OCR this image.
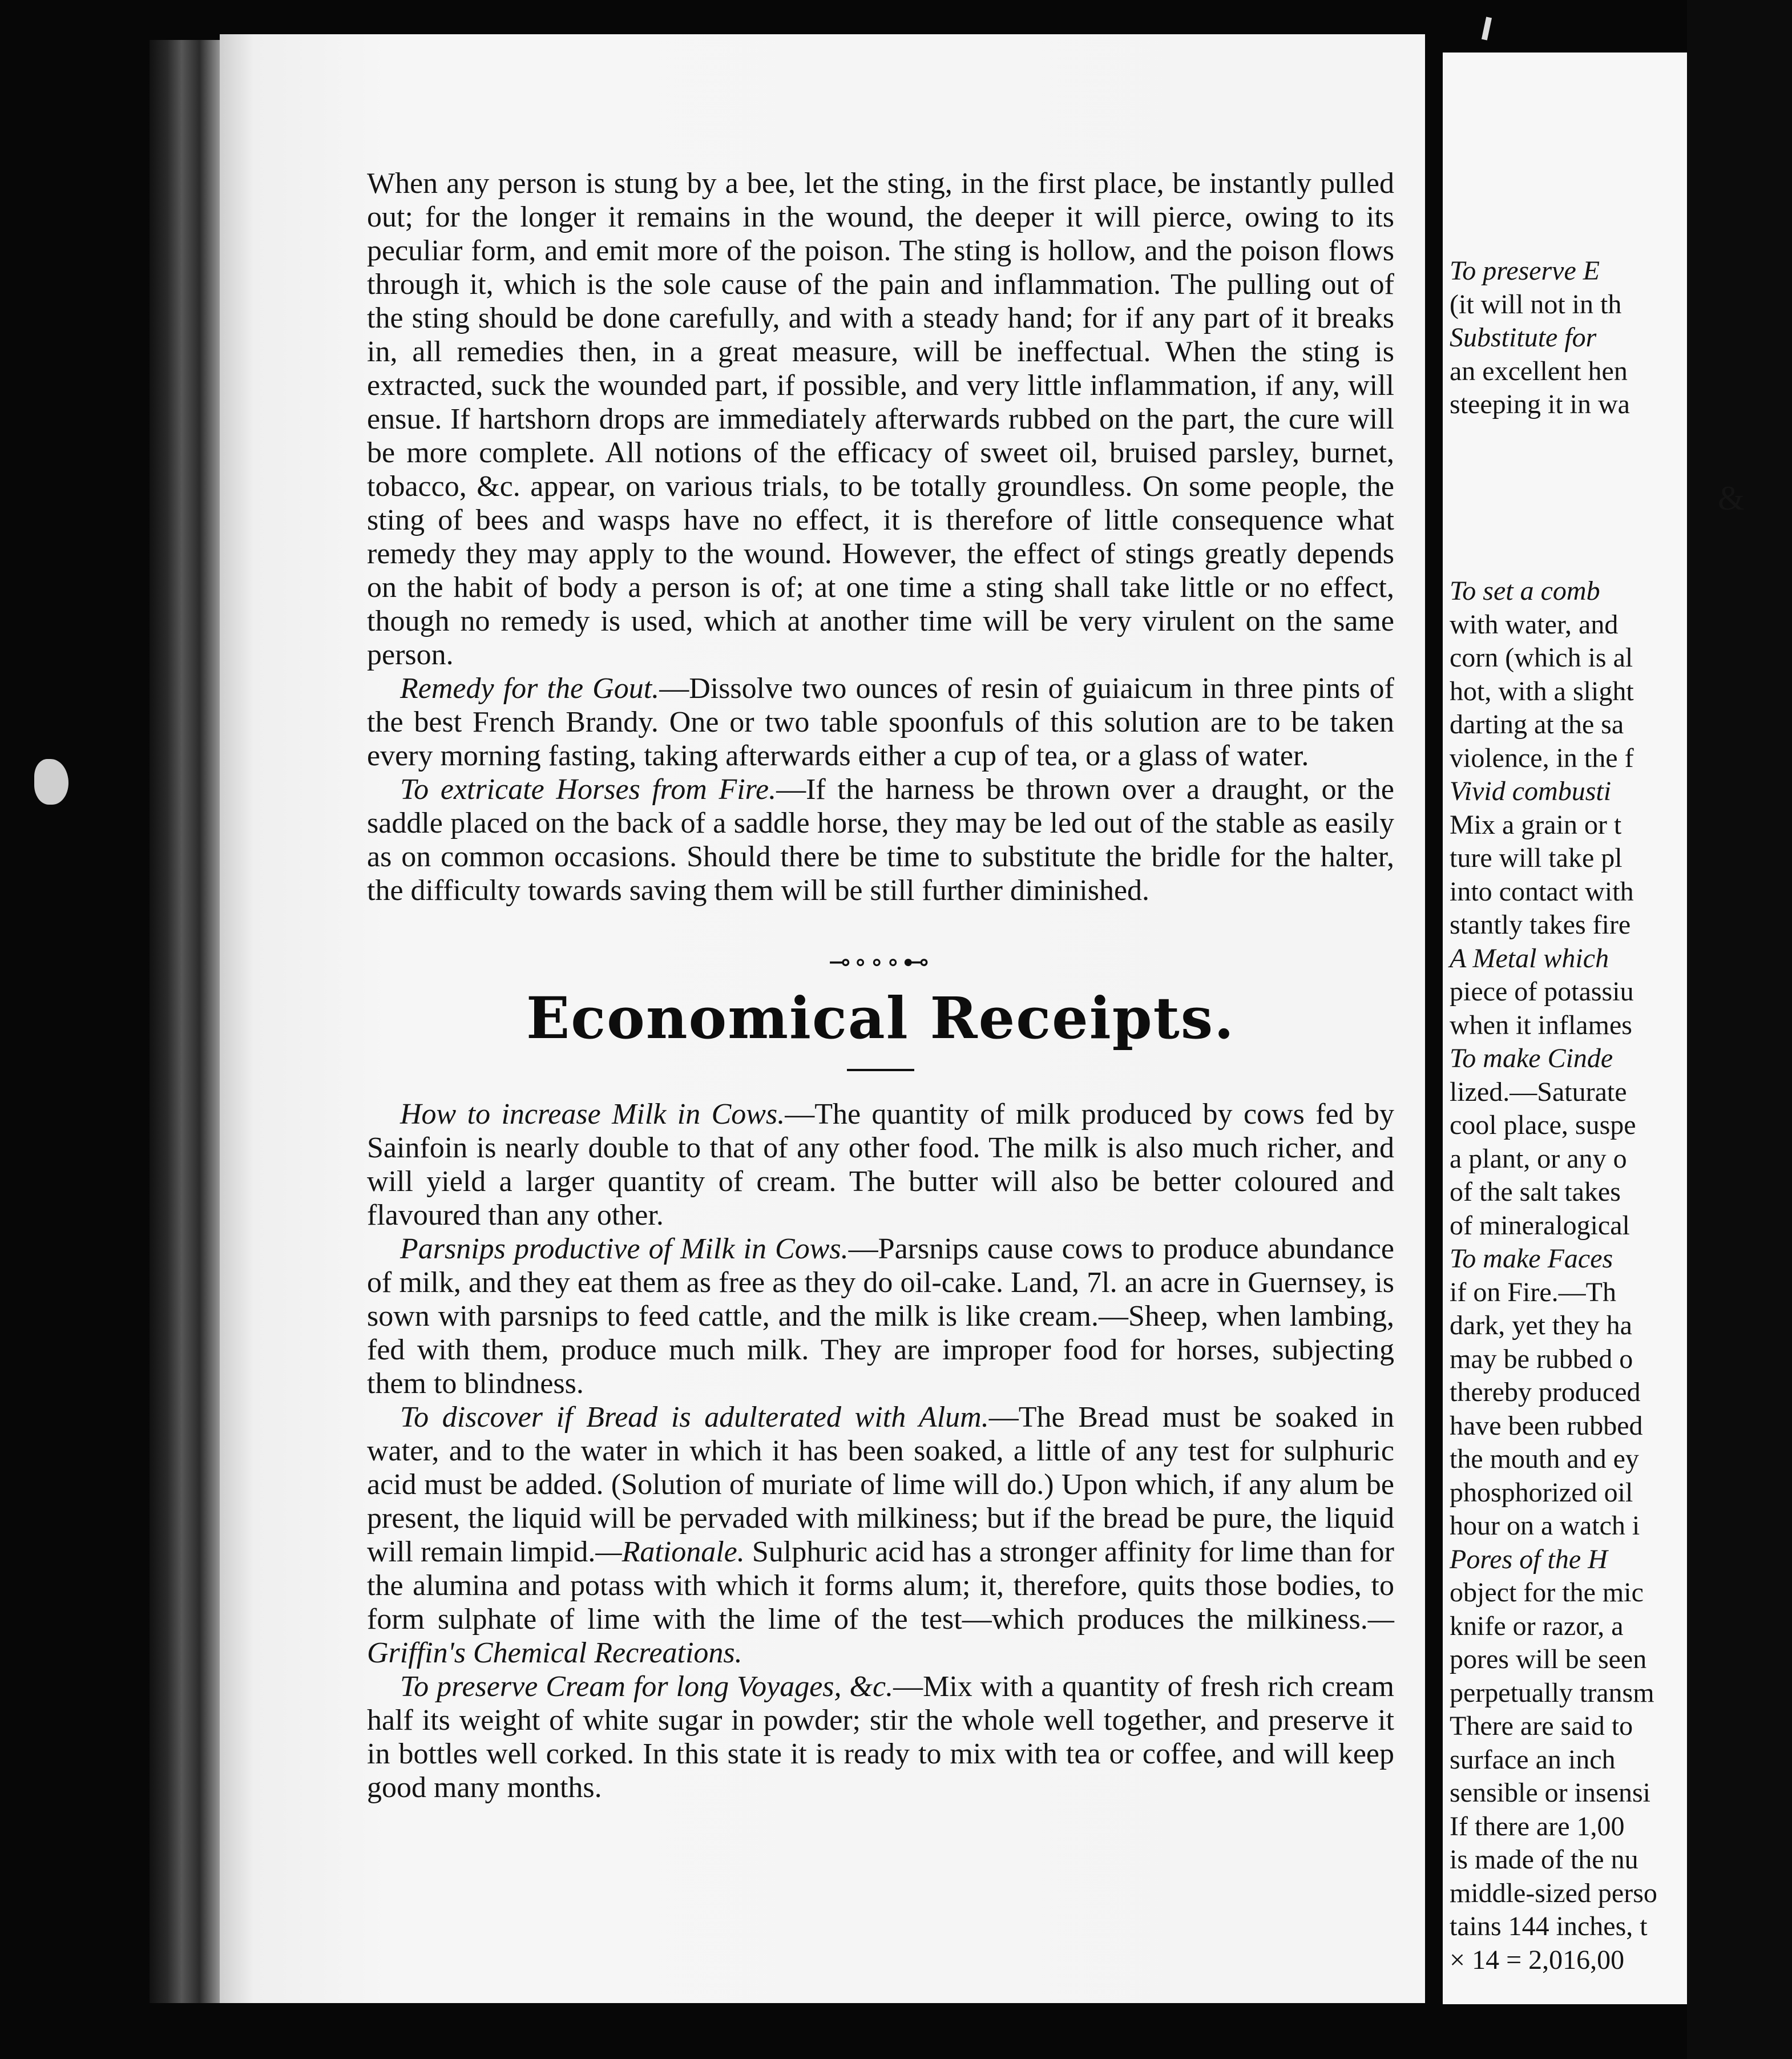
When any person is stung by a bee, let the sting, in the first place, be instantly pulled out; for the longer it remains in the wound, the deeper it will pierce, owing to its peculiar form, and emit more of the poison. The sting is hollow, and the poison flows through it, which is the sole cause of the pain and inflammation. The pulling out of the sting should be done carefully, and with a steady hand; for if any part of it breaks in, all remedies then, in a great measure, will be ineffectual. When the sting is extracted, suck the wounded part, if possible, and very little inflammation, if any, will ensue. If hartshorn drops are immediately afterwards rubbed on the part, the cure will be more complete. All notions of the efficacy of sweet oil, bruised parsley, burnet, tobacco, &c. appear, on various trials, to be totally groundless. On some people, the sting of bees and wasps have no effect, it is therefore of little consequence what remedy they may apply to the wound. However, the effect of stings greatly depends on the habit of body a person is of; at one time a sting shall take little or no effect, though no remedy is used, which at another time will be very virulent on the same person.

Remedy for the Gout.—Dissolve two ounces of resin of guiaicum in three pints of the best French Brandy. One or two table spoonfuls of this solution are to be taken every morning fasting, taking afterwards either a cup of tea, or a glass of water.

To extricate Horses from Fire.—If the harness be thrown over a draught, or the saddle placed on the back of a saddle horse, they may be led out of the stable as easily as on common occasions. Should there be time to substitute the bridle for the halter, the difficulty towards saving them will be still further diminished.

⊸∘∘∘⊷
Economical Receipts.

How to increase Milk in Cows.—The quantity of milk produced by cows fed by Sainfoin is nearly double to that of any other food. The milk is also much richer, and will yield a larger quantity of cream. The butter will also be better coloured and flavoured than any other.

Parsnips productive of Milk in Cows.—Parsnips cause cows to produce abundance of milk, and they eat them as free as they do oil-cake. Land, 7l. an acre in Guernsey, is sown with parsnips to feed cattle, and the milk is like cream.—Sheep, when lambing, fed with them, produce much milk. They are improper food for horses, subjecting them to blindness.

To discover if Bread is adulterated with Alum.—The Bread must be soaked in water, and to the water in which it has been soaked, a little of any test for sulphuric acid must be added. (Solution of muriate of lime will do.) Upon which, if any alum be present, the liquid will be pervaded with milkiness; but if the bread be pure, the liquid will remain limpid.—Rationale. Sulphuric acid has a stronger affinity for lime than for the alumina and potass with which it forms alum; it, therefore, quits those bodies, to form sulphate of lime with the lime of the test—which produces the milkiness.—Griffin's Chemical Recreations.

To preserve Cream for long Voyages, &c.—Mix with a quantity of fresh rich cream half its weight of white sugar in powder; stir the whole well together, and preserve it in bottles well corked. In this state it is ready to mix with tea or coffee, and will keep good many months.

To preserve E
(it will not in th
Substitute for
an excellent hen
steeping it in wa
&
To set a comb
with water, and
corn (which is al
hot, with a slight
darting at the sa
violence, in the f
Vivid combusti
Mix a grain or t
ture will take pl
into contact with
stantly takes fire
A Metal which
piece of potassiu
when it inflames
To make Cinde
lized.—Saturate
cool place, suspe
a plant, or any o
of the salt takes
of mineralogical
To make Faces
if on Fire.—Th
dark, yet they ha
may be rubbed o
thereby produced
have been rubbed
the mouth and ey
phosphorized oil
hour on a watch i
Pores of the H
object for the mic
knife or razor, a
pores will be seen
perpetually transm
There are said to
surface an inch
sensible or insensi
If there are 1,00
is made of the nu
middle-sized perso
tains 144 inches, t
× 14 = 2,016,00
